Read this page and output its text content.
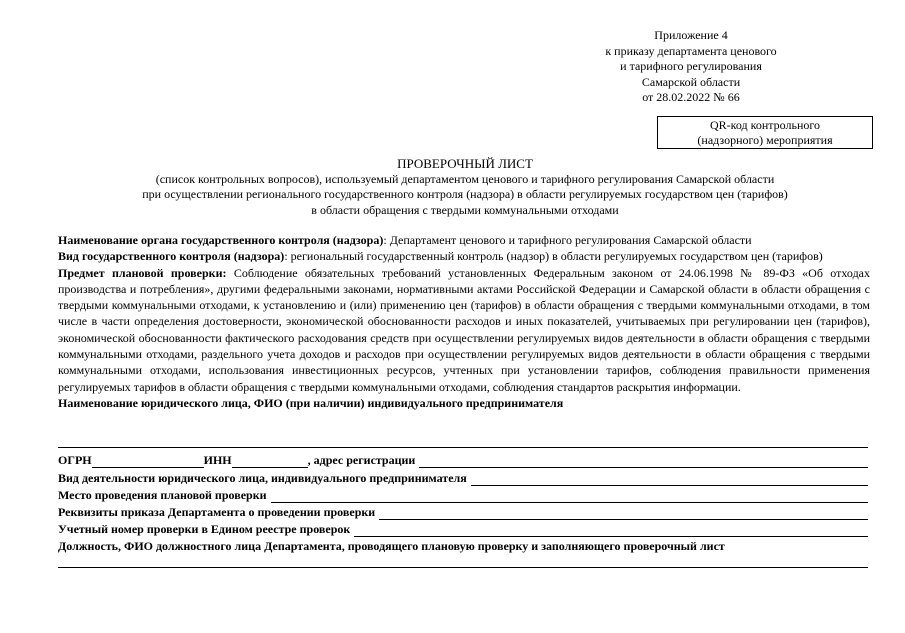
Приложение 4
к приказу департамента ценового
и тарифного регулирования
Самарской области
от 28.02.2022 № 66
QR-код контрольного
(надзорного) мероприятия
ПРОВЕРОЧНЫЙ ЛИСТ
(список контрольных вопросов), используемый департаментом ценового и тарифного регулирования Самарской области
при осуществлении регионального государственного контроля (надзора) в области регулируемых государством цен (тарифов)
в области обращения с твердыми коммунальными отходами

Наименование органа государственного контроля (надзора): Департамент ценового и тарифного регулирования Самарской области

Вид государственного контроля (надзора): региональный государственный контроль (надзор) в области регулируемых государством цен (тарифов)

Предмет плановой проверки: Соблюдение обязательных требований установленных Федеральным законом от 24.06.1998 № 89-ФЗ «Об отходах производства и потребления», другими федеральными законами, нормативными актами Российской Федерации и Самарской области в области обращения с твердыми коммунальными отходами, к установлению и (или) применению цен (тарифов) в области обращения с твердыми коммунальными отходами, в том числе в части определения достоверности, экономической обоснованности расходов и иных показателей, учитываемых при регулировании цен (тарифов), экономической обоснованности фактического расходования средств при осуществлении регулируемых видов деятельности в области обращения с твердыми коммунальными отходами, раздельного учета доходов и расходов при осуществлении регулируемых видов деятельности в области обращения с твердыми коммунальными отходами, использования инвестиционных ресурсов, учтенных при установлении тарифов, соблюдения правильности применения регулируемых тарифов в области обращения с твердыми коммунальными отходами, соблюдения стандартов раскрытия информации.

Наименование юридического лица, ФИО (при наличии) индивидуального предпринимателя

ОГРН	ИНН	, адрес регистрации
Вид деятельности юридического лица, индивидуального предпринимателя
Место проведения плановой проверки
Реквизиты приказа Департамента о проведении проверки
Учетный номер проверки в Едином реестре проверок
Должность, ФИО должностного лица Департамента, проводящего плановую проверку и заполняющего проверочный лист
